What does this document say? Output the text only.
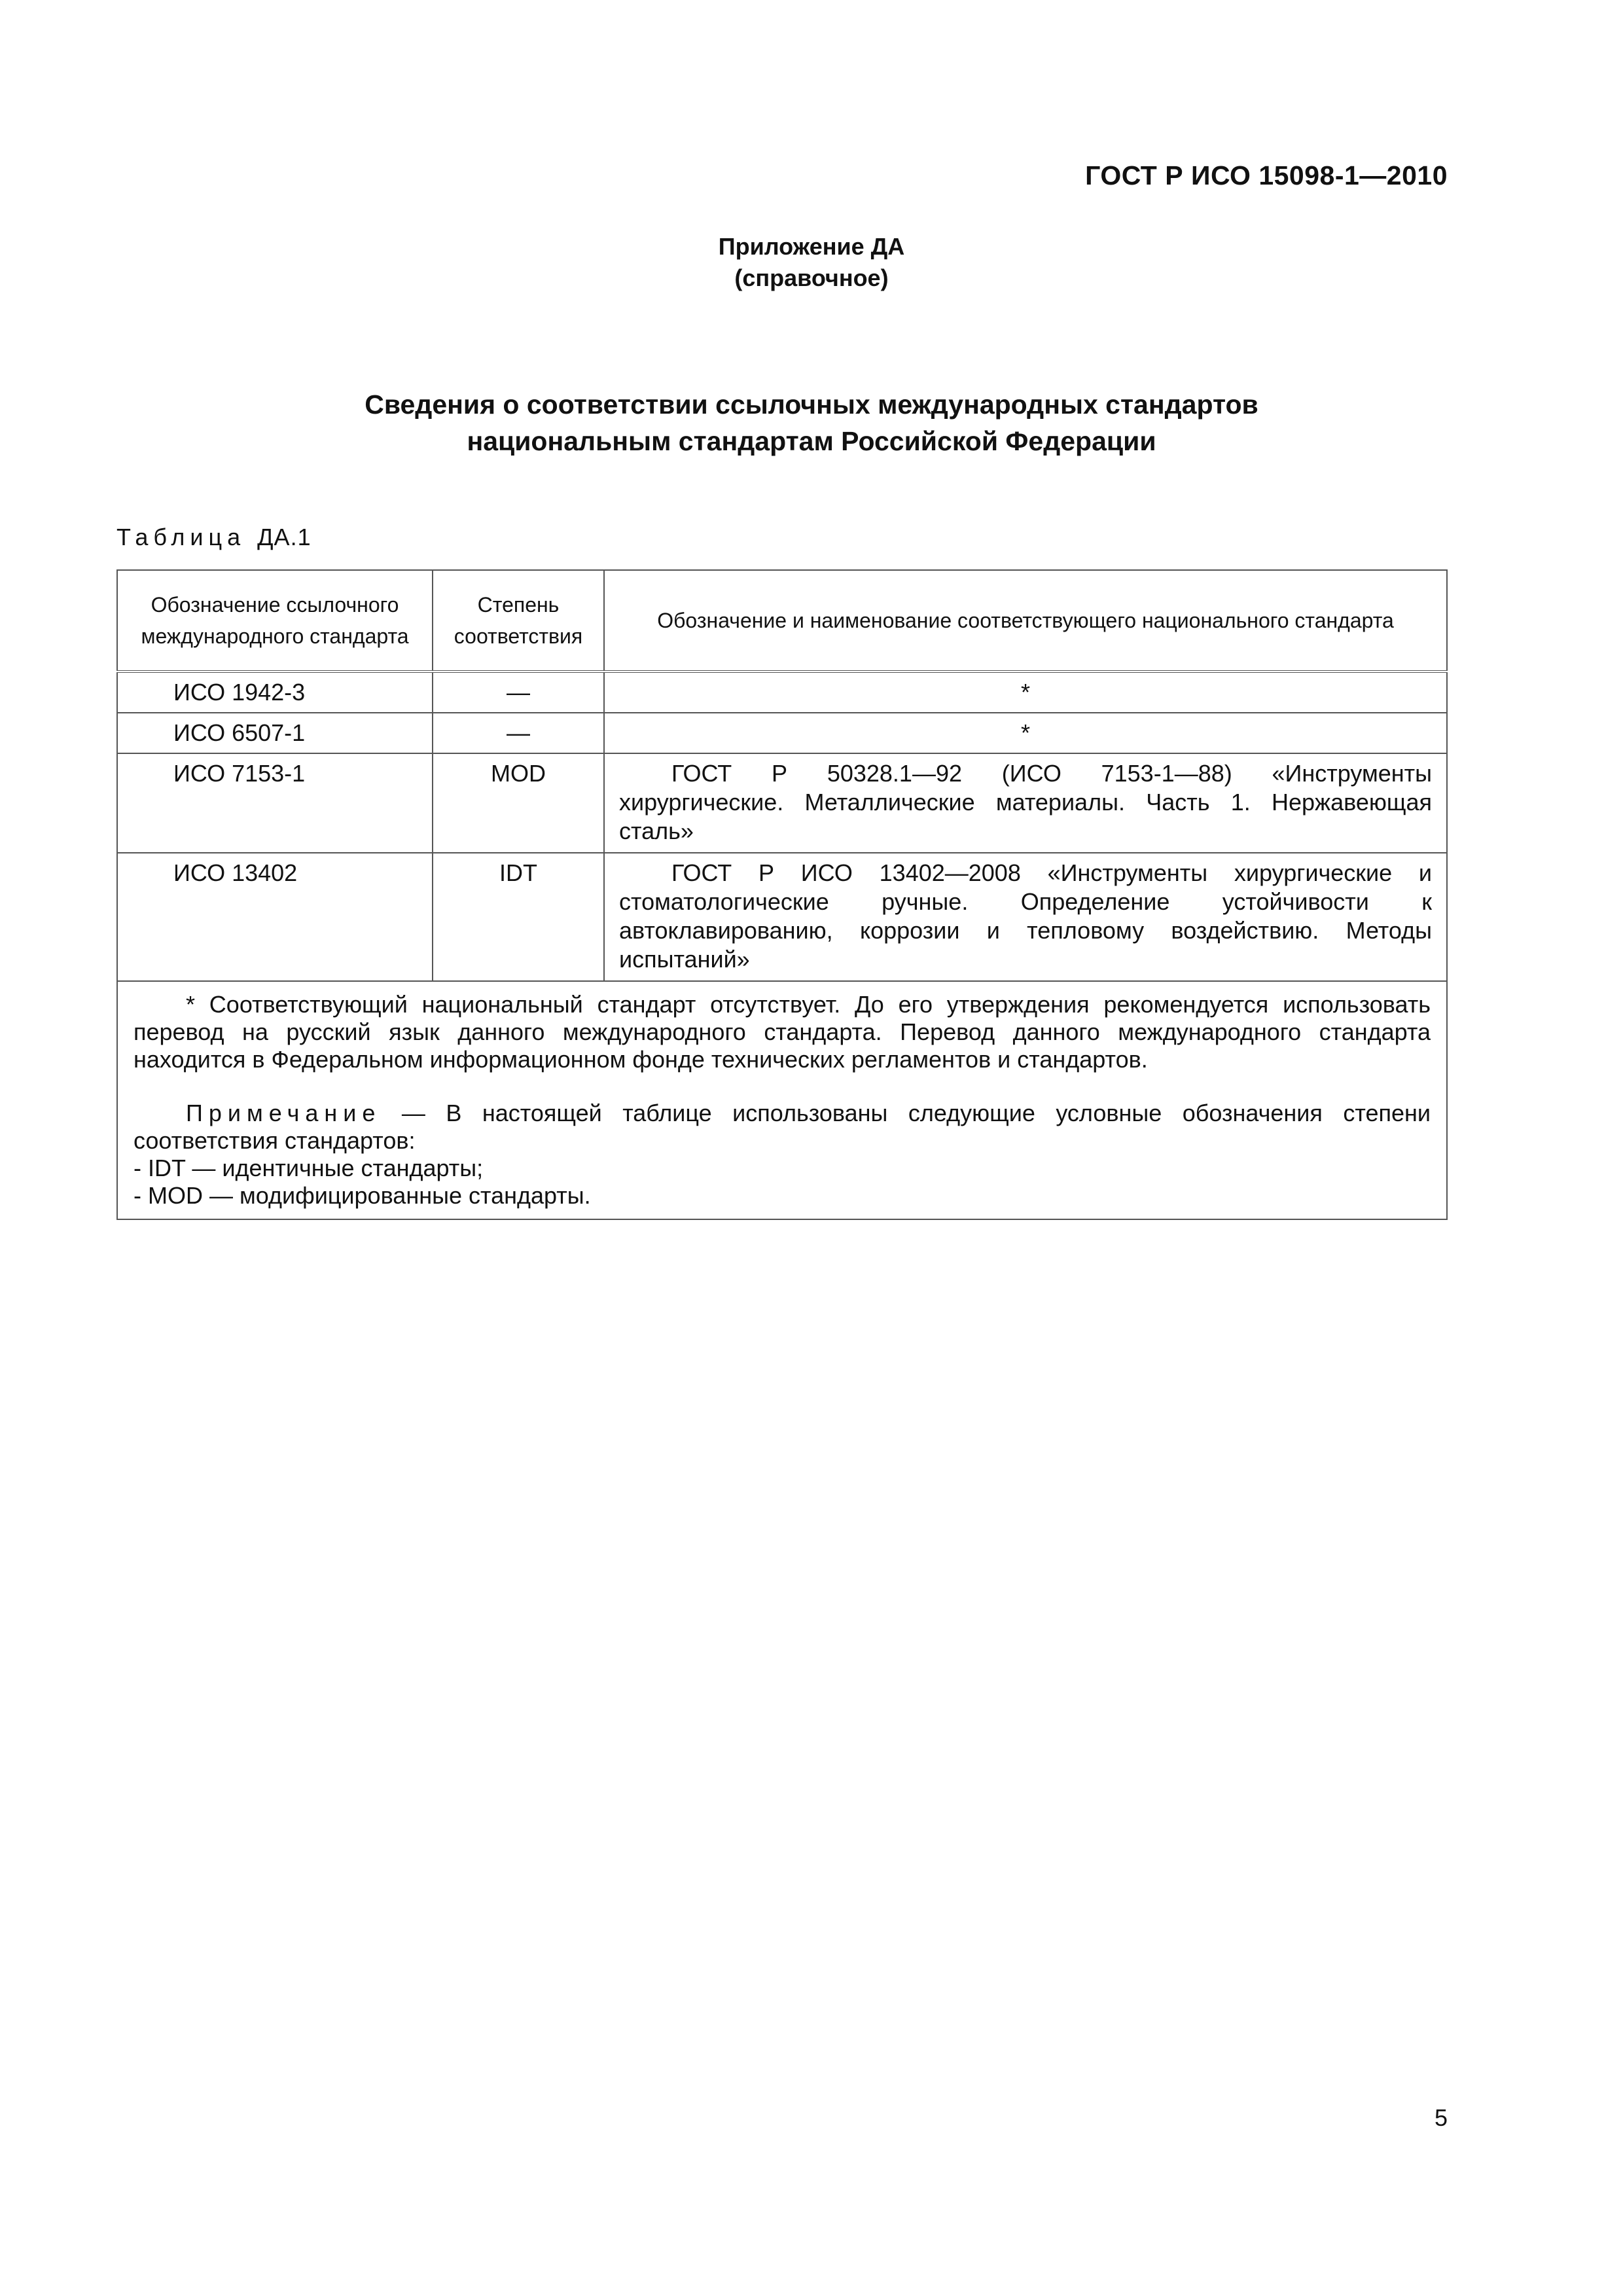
ГОСТ Р ИСО 15098-1—2010
Приложение ДА
(справочное)
Сведения о соответствии ссылочных международных стандартов
национальным стандартам Российской Федерации
Таблица ДА.1
Обозначение ссылочного международного стандарта	Степень соответствия	Обозначение и наименование соответствующего национального стандарта
ИСО 1942-3	—	*
ИСО 6507-1	—	*
ИСО 7153-1	MOD	ГОСТ Р 50328.1—92 (ИСО 7153-1—88) «Инструменты хирургические. Металлические материалы. Часть 1. Нержавеющая сталь»

ИСО 13402	IDT	ГОСТ Р ИСО 13402—2008 «Инструменты хирургические и стоматологические ручные. Определение устойчивости к автоклавированию, коррозии и тепловому воздействию. Методы испытаний»

* Соответствующий национальный стандарт отсутствует. До его утверждения рекомендуется использовать перевод на русский язык данного международного стандарта. Перевод данного международного стандарта находится в Федеральном информационном фонде технических регламентов и стандартов.

Примечание — В настоящей таблице использованы следующие условные обозначения степени соответствия стандартов:

- IDT — идентичные стандарты;

- MOD — модифицированные стандарты.		

5
